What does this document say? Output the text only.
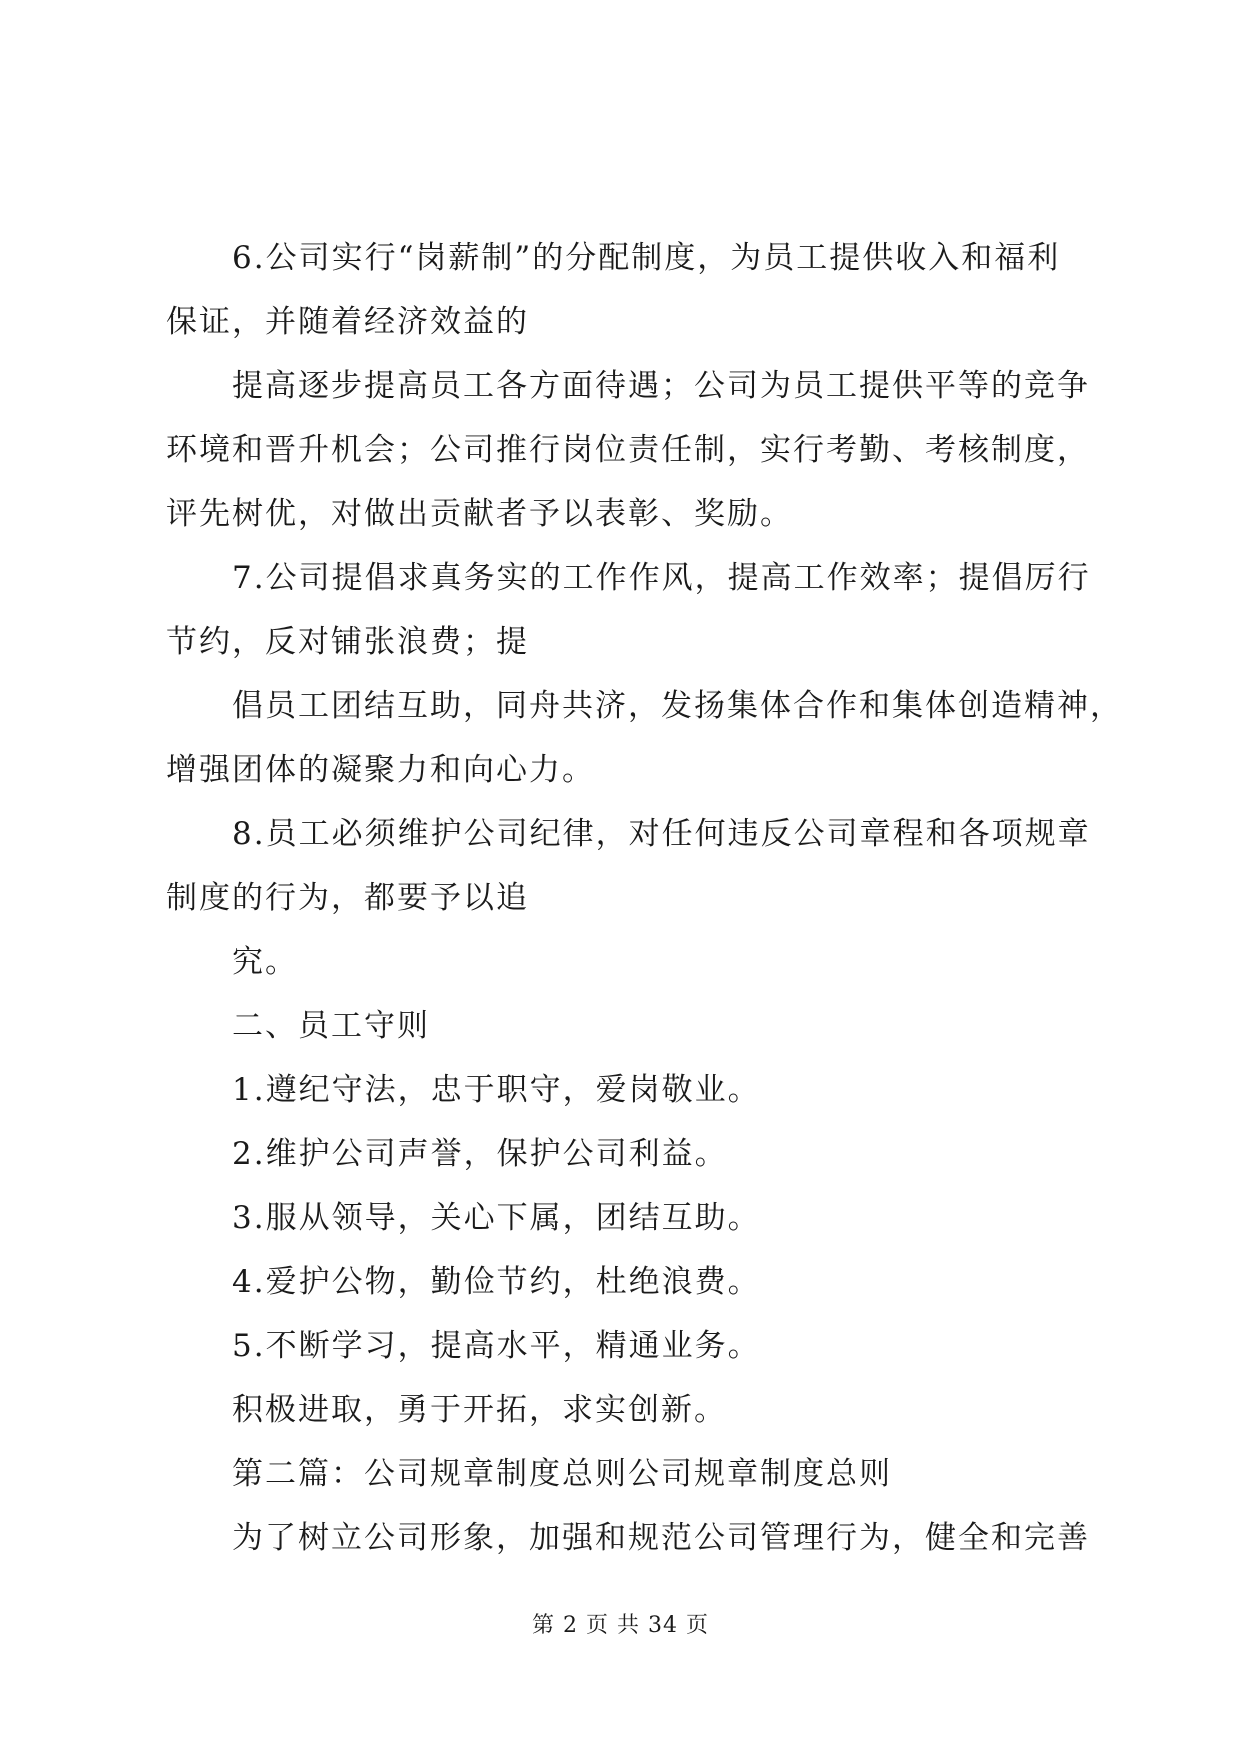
6.公司实行“岗薪制”的分配制度，为员工提供收入和福利
保证，并随着经济效益的
提高逐步提高员工各方面待遇；公司为员工提供平等的竞争
环境和晋升机会；公司推行岗位责任制，实行考勤、考核制度，
评先树优，对做出贡献者予以表彰、奖励。
7.公司提倡求真务实的工作作风，提高工作效率；提倡厉行
节约，反对铺张浪费；提
倡员工团结互助，同舟共济，发扬集体合作和集体创造精神，
增强团体的凝聚力和向心力。
8.员工必须维护公司纪律，对任何违反公司章程和各项规章
制度的行为，都要予以追
究。
二、员工守则
1.遵纪守法，忠于职守，爱岗敬业。
2.维护公司声誉，保护公司利益。
3.服从领导，关心下属，团结互助。
4.爱护公物，勤俭节约，杜绝浪费。
5.不断学习，提高水平，精通业务。
积极进取，勇于开拓，求实创新。
第二篇：公司规章制度总则公司规章制度总则
为了树立公司形象，加强和规范公司管理行为，健全和完善
第 2 页 共 34 页
